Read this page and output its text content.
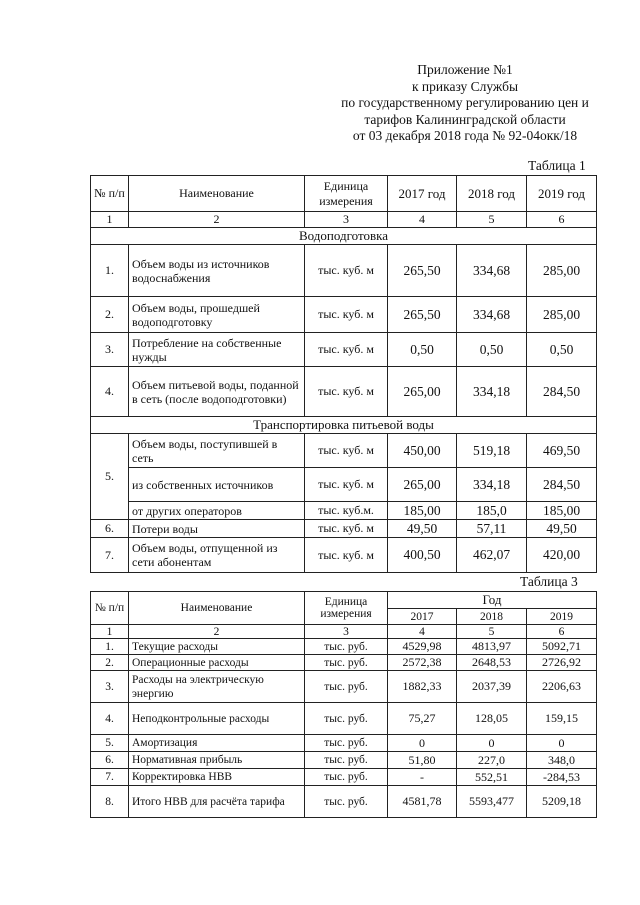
Приложение №1
к приказу Службы
по государственному регулированию цен и
тарифов Калининградской области
от 03 декабря 2018 года № 92-04окк/18
Таблица 1
№ п/п	Наименование	Единица измерения	2017 год	2018 год	2019 год
1	2	3	4	5	6
Водоподготовка					
1.	Объем воды из источников водоснабжения	тыс. куб. м	265,50	334,68	285,00
2.	Объем воды, прошедшей водоподготовку	тыс. куб. м	265,50	334,68	285,00
3.	Потребление на собственные нужды	тыс. куб. м	0,50	0,50	0,50
4.	Объем питьевой воды, поданной в сеть (после водоподготовки)	тыс. куб. м	265,00	334,18	284,50
Транспортировка питьевой воды					
5.	Объем воды, поступившей в сеть	тыс. куб. м	450,00	519,18	469,50
	из собственных источников	тыс. куб. м	265,00	334,18	284,50
	от других операторов	тыс. куб.м.	185,00	185,0	185,00
6.	Потери воды	тыс. куб. м	49,50	57,11	49,50
7.	Объем воды, отпущенной из сети абонентам	тыс. куб. м	400,50	462,07	420,00
Таблица 3
№ п/п	Наименование	Единица измерения	Год		
			2017	2018	2019
1	2	3	4	5	6
1.	Текущие расходы	тыс. руб.	4529,98	4813,97	5092,71
2.	Операционные расходы	тыс. руб.	2572,38	2648,53	2726,92
3.	Расходы на электрическую энергию	тыс. руб.	1882,33	2037,39	2206,63
4.	Неподконтрольные расходы	тыс. руб.	75,27	128,05	159,15
5.	Амортизация	тыс. руб.	0	0	0
6.	Нормативная прибыль	тыс. руб.	51,80	227,0	348,0
7.	Корректировка НВВ	тыс. руб.	-	552,51	-284,53
8.	Итого НВВ для расчёта тарифа	тыс. руб.	4581,78	5593,477	5209,18
